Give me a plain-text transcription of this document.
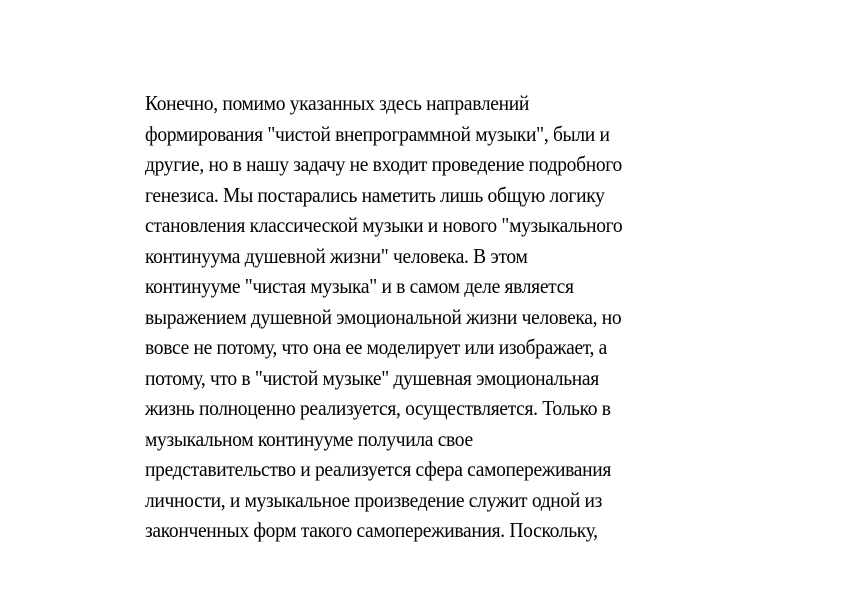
Конечно, помимо указанных здесь направлений
формирования "чистой внепрограммной музыки", были и
другие, но в нашу задачу не входит проведение подробного
генезиса. Мы постарались наметить лишь общую логику
становления классической музыки и нового "музыкального
континуума душевной жизни" человека. В этом
континууме "чистая музыка" и в самом деле является
выражением душевной эмоциональной жизни человека, но
вовсе не потому, что она ее моделирует или изображает, а
потому, что в "чистой музыке" душевная эмоциональная
жизнь полноценно реализуется, осуществляется. Только в
музыкальном континууме получила свое
представительство и реализуется сфера самопереживания
личности, и музыкальное произведение служит одной из
законченных форм такого самопереживания. Поскольку,
